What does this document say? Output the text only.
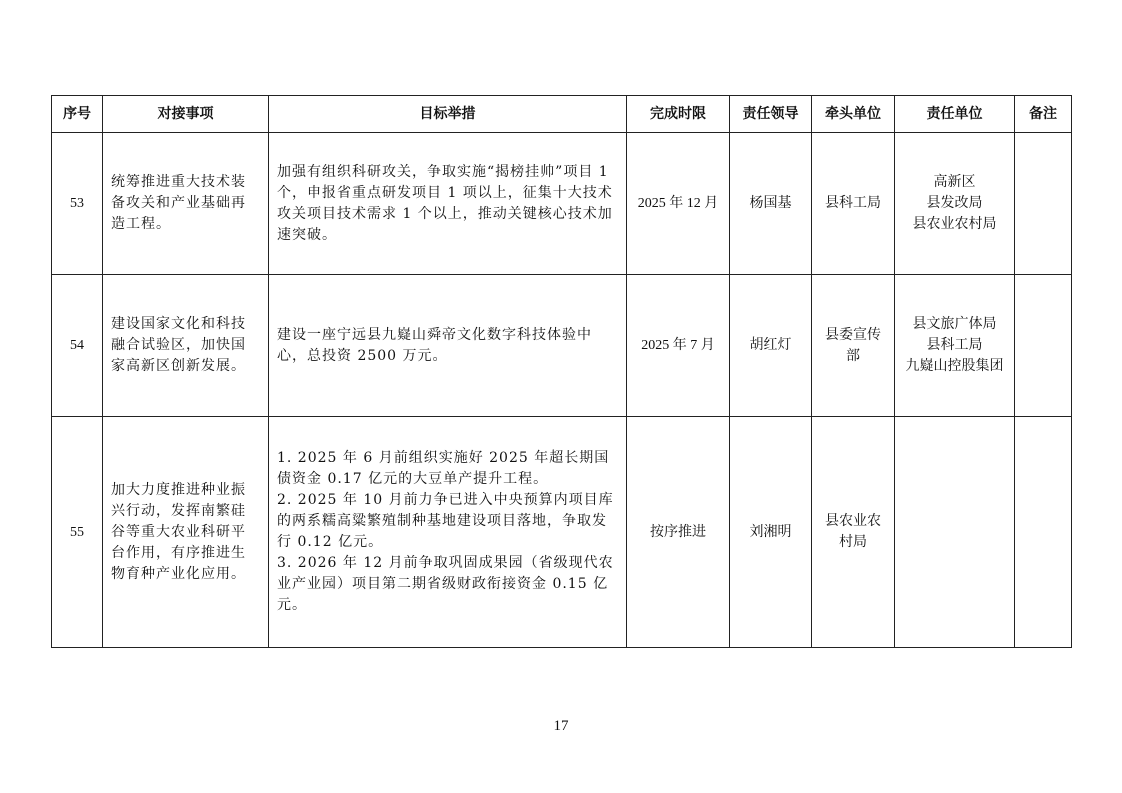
序号	对接事项	目标举措	完成时限	责任领导	牵头单位	责任单位	备注
53	统筹推进重大技术装备攻关和产业基础再造工程。	加强有组织科研攻关，争取实施“揭榜挂帅”项目 1 个，申报省重点研发项目 1 项以上，征集十大技术攻关项目技术需求 1 个以上，推动关键核心技术加速突破。	2025 年 12 月	杨国基	县科工局	高新区
县发改局
县农业农村局	

54	建设国家文化和科技融合试验区，加快国家高新区创新发展。	建设一座宁远县九嶷山舜帝文化数字科技体验中心，总投资 2500 万元。	2025 年 7 月	胡红灯	县委宣传部	县文旅广体局
县科工局
九嶷山控股集团	

55	加大力度推进种业振兴行动，发挥南繁硅谷等重大农业科研平台作用，有序推进生物育种产业化应用。	1. 2025 年 6 月前组织实施好 2025 年超长期国债资金 0.17 亿元的大豆单产提升工程。
2. 2025 年 10 月前力争已进入中央预算内项目库的两系糯高粱繁殖制种基地建设项目落地，争取发行 0.12 亿元。
3. 2026 年 12 月前争取巩固成果园（省级现代农业产业园）项目第二期省级财政衔接资金 0.15 亿元。	按序推进	刘湘明	县农业农村局		
17
